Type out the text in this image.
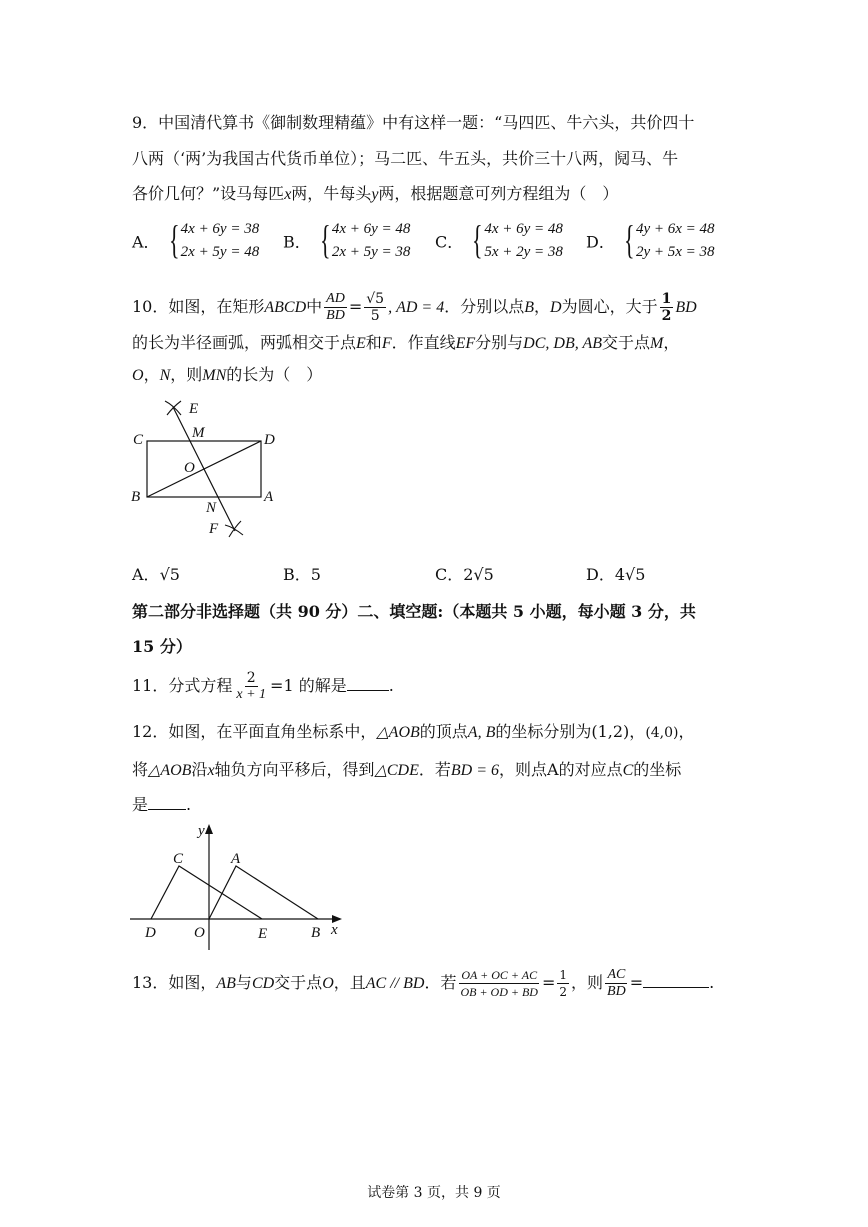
9．中国清代算书《御制数理精蕴》中有这样一题：“马四匹、牛六头，共价四十
八两（‘两’为我国古代货币单位）；马二匹、牛五头，共价三十八两，阋马、牛
各价几何？”设马每匹x两，牛每头y两，根据题意可列方程组为（　）
A． { 4x + 6y = 38
2x + 5y = 48
B． { 4x + 6y = 48
2x + 5y = 38
C． { 4x + 6y = 48
5x + 2y = 38
D． { 4y + 6x = 48
2y + 5x = 38
10．如图，在矩形ABCD中 $\frac{AD}{BD} = \frac{√5}{5}$ , AD = 4．分别以点B，D为圆心，大于 $\frac{1}{2}$ BD
的长为半径画弧，两弧相交于点E和F．作直线EF分别与DC, DB, AB交于点M，
O，N，则MN的长为（　）
E
M
C	D
O
B	A
N
F
A．√5	B．5	C．2√5	D．4√5
第二部分非选择题（共 90 分）二、填空题:（本题共 5 小题，每小题 3 分，共
15 分）
11．分式方程 $\frac{2}{x + 1} =1$ 的解是	.
12．如图，在平面直角坐标系中，△AOB的顶点A, B的坐标分别为(1,2)，(4,0)，
将△AOB沿x轴负方向平移后，得到△CDE．若BD = 6，则点A的对应点C的坐标
是 .
y
C	A
D	O	E	B x
13．如图，AB与CD交于点O，且AC // BD．若 $\frac{OA + OC + AC}{OB + OD + BD} = \frac{1}{2}$ ，则 $\frac{AC}{BD}$ =	.
试卷第 3 页，共 9 页
